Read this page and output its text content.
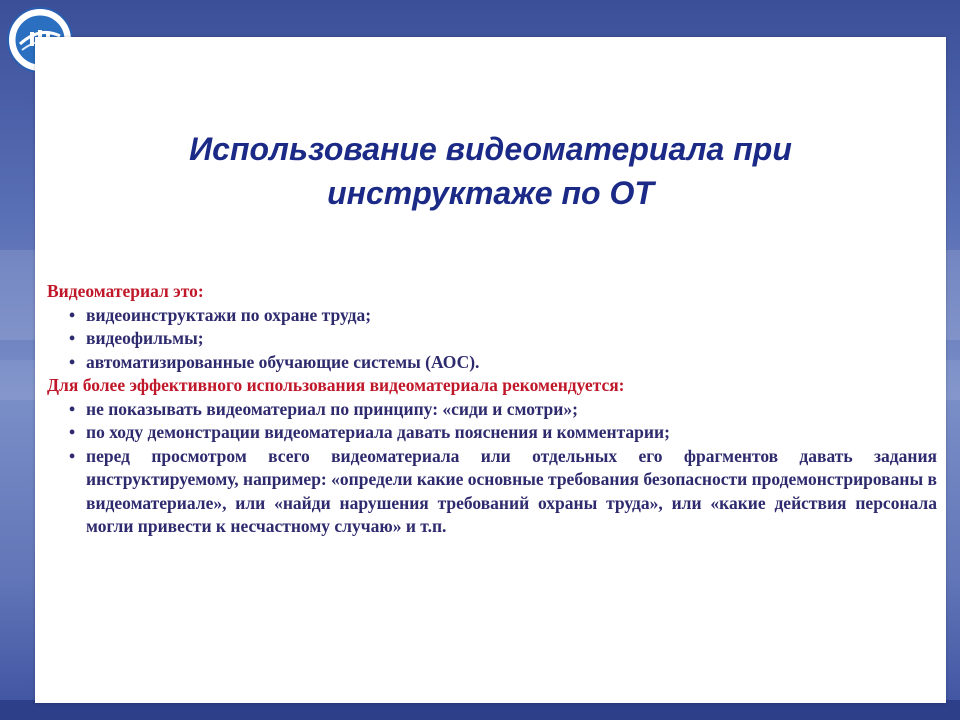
Использование видеоматериала при
инструктаже по ОТ
Видеоматериал это:
• видеоинструктажи по охране труда;
• видеофильмы;
• автоматизированные обучающие системы (АОС).
Для более эффективного использования видеоматериала рекомендуется:
• не показывать видеоматериал по принципу: «сиди и смотри»;
• по ходу демонстрации видеоматериала давать пояснения и комментарии;
• перед просмотром всего видеоматериала или отдельных его фрагментов давать задания инструктируемому, например: «определи какие основные требования безопасности продемонстрированы в видеоматериале», или «найди нарушения требований охраны труда», или «какие действия персонала могли привести к несчастному случаю» и т.п.
